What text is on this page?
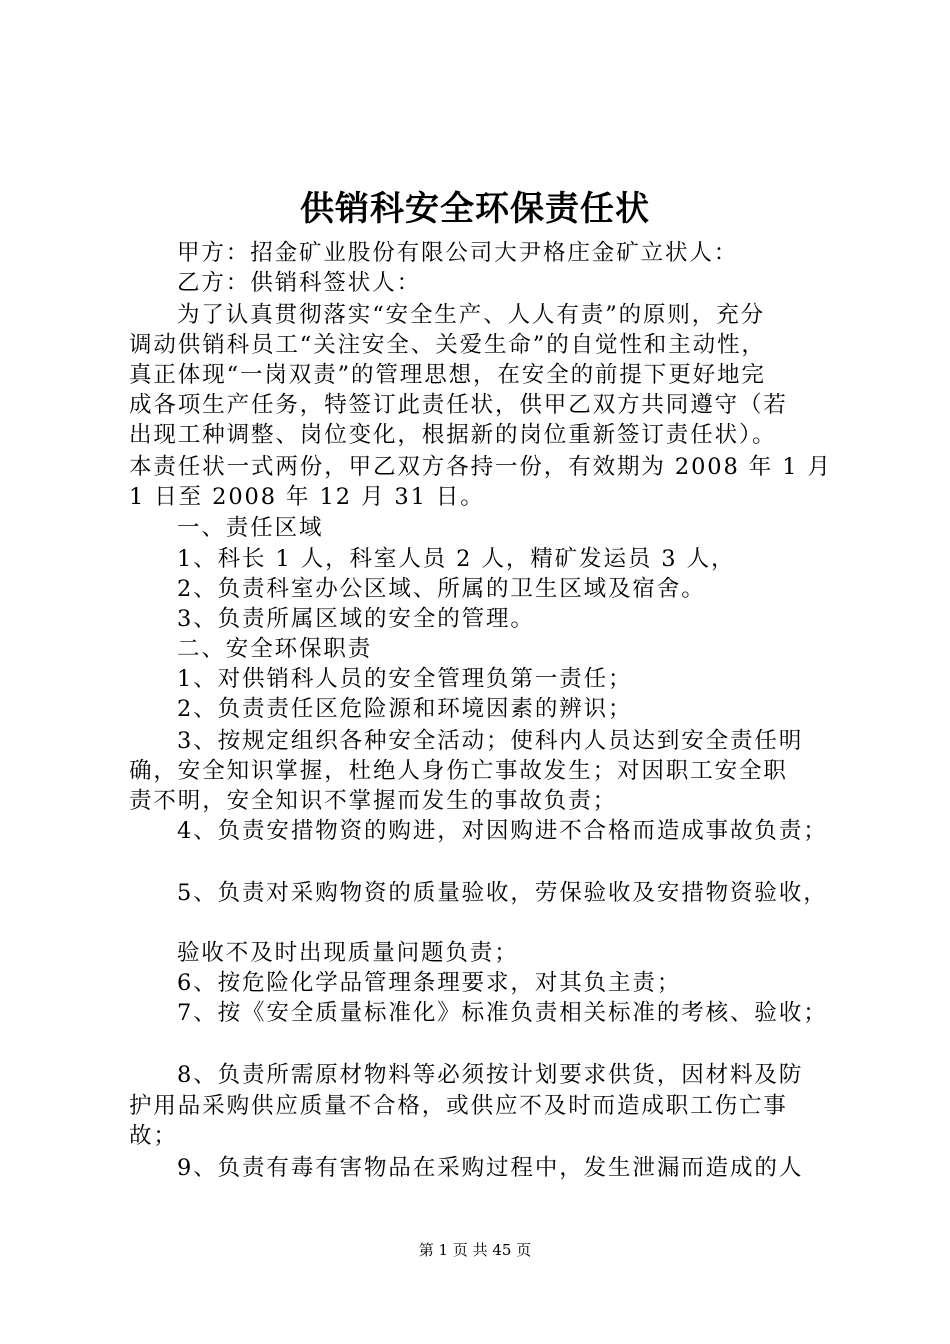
供销科安全环保责任状
甲方：招金矿业股份有限公司大尹格庄金矿立状人：
乙方：供销科签状人：
为了认真贯彻落实“安全生产、人人有责”的原则，充分
调动供销科员工“关注安全、关爱生命”的自觉性和主动性，
真正体现“一岗双责”的管理思想，在安全的前提下更好地完
成各项生产任务，特签订此责任状，供甲乙双方共同遵守（若
出现工种调整、岗位变化，根据新的岗位重新签订责任状）。
本责任状一式两份，甲乙双方各持一份，有效期为 2008 年 1 月
1 日至 2008 年 12 月 31 日。
一、责任区域
1、科长 1 人，科室人员 2 人，精矿发运员 3 人，
2、负责科室办公区域、所属的卫生区域及宿舍。
3、负责所属区域的安全的管理。
二、安全环保职责
1、对供销科人员的安全管理负第一责任；
2、负责责任区危险源和环境因素的辨识；
3、按规定组织各种安全活动；使科内人员达到安全责任明
确，安全知识掌握，杜绝人身伤亡事故发生；对因职工安全职
责不明，安全知识不掌握而发生的事故负责；
4、负责安措物资的购进，对因购进不合格而造成事故负责；
5、负责对采购物资的质量验收，劳保验收及安措物资验收，
验收不及时出现质量问题负责；
6、按危险化学品管理条理要求，对其负主责；
7、按《安全质量标准化》标准负责相关标准的考核、验收；
8、负责所需原材物料等必须按计划要求供货，因材料及防
护用品采购供应质量不合格，或供应不及时而造成职工伤亡事
故；
9、负责有毒有害物品在采购过程中，发生泄漏而造成的人
第 1 页 共 45 页
